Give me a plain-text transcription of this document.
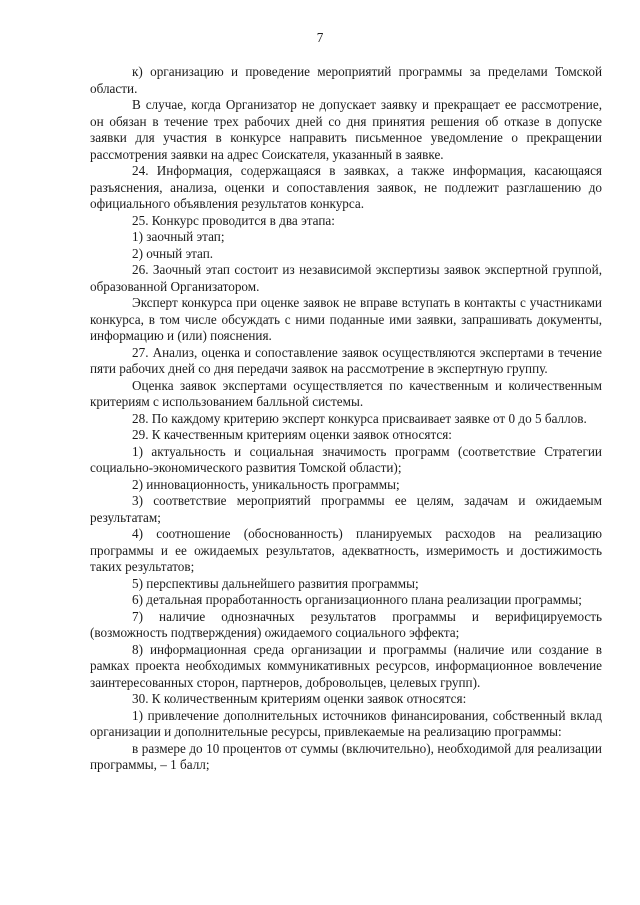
7

к) организацию и проведение мероприятий программы за пределами Томской области.

В случае, когда Организатор не допускает заявку и прекращает ее рассмотрение, он обязан в течение трех рабочих дней со дня принятия решения об отказе в допуске заявки для участия в конкурсе направить письменное уведомление о прекращении рассмотрения заявки на адрес Соискателя, указанный в заявке.

24. Информация, содержащаяся в заявках, а также информация, касающаяся разъяснения, анализа, оценки и сопоставления заявок, не подлежит разглашению до официального объявления результатов конкурса.

25. Конкурс проводится в два этапа:

1) заочный этап;

2) очный этап.

26. Заочный этап состоит из независимой экспертизы заявок экспертной группой, образованной Организатором.

Эксперт конкурса при оценке заявок не вправе вступать в контакты с участниками конкурса, в том числе обсуждать с ними поданные ими заявки, запрашивать документы, информацию и (или) пояснения.

27. Анализ, оценка и сопоставление заявок осуществляются экспертами в течение пяти рабочих дней со дня передачи заявок на рассмотрение в экспертную группу.

Оценка заявок экспертами осуществляется по качественным и количественным критериям с использованием балльной системы.

28. По каждому критерию эксперт конкурса присваивает заявке от 0 до 5 баллов.

29. К качественным критериям оценки заявок относятся:

1) актуальность и социальная значимость программ (соответствие Стратегии социально-экономического развития Томской области);

2) инновационность, уникальность программы;

3) соответствие мероприятий программы ее целям, задачам и ожидаемым результатам;

4) соотношение (обоснованность) планируемых расходов на реализацию программы и ее ожидаемых результатов, адекватность, измеримость и достижимость таких результатов;

5) перспективы дальнейшего развития программы;

6) детальная проработанность организационного плана реализации программы;

7) наличие однозначных результатов программы и верифицируемость (возможность подтверждения) ожидаемого социального эффекта;

8) информационная среда организации и программы (наличие или создание в рамках проекта необходимых коммуникативных ресурсов, информационное вовлечение заинтересованных сторон, партнеров, добровольцев, целевых групп).

30. К количественным критериям оценки заявок относятся:

1) привлечение дополнительных источников финансирования, собственный вклад организации и дополнительные ресурсы, привлекаемые на реализацию программы:

в размере до 10 процентов от суммы (включительно), необходимой для реализации программы, – 1 балл;
